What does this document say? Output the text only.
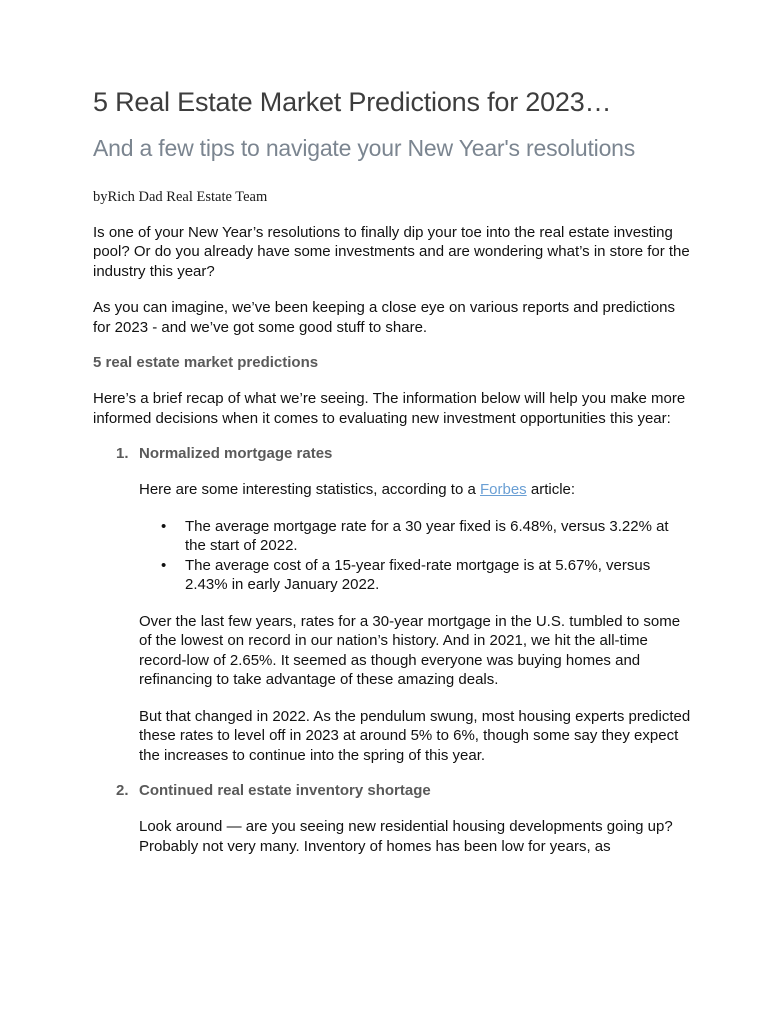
5 Real Estate Market Predictions for 2023…
And a few tips to navigate your New Year's resolutions
byRich Dad Real Estate Team

Is one of your New Year’s resolutions to finally dip your toe into the real estate investing pool? Or do you already have some investments and are wondering what’s in store for the industry this year?

As you can imagine, we’ve been keeping a close eye on various reports and predictions for 2023 - and we’ve got some good stuff to share.

5 real estate market predictions

Here’s a brief recap of what we’re seeing. The information below will help you make more informed decisions when it comes to evaluating new investment opportunities this year:

1. Normalized mortgage rates

Here are some interesting statistics, according to a Forbes article:

• The average mortgage rate for a 30 year fixed is 6.48%, versus 3.22% at the start of 2022.
• The average cost of a 15-year fixed-rate mortgage is at 5.67%, versus 2.43% in early January 2022.

Over the last few years, rates for a 30-year mortgage in the U.S. tumbled to some of the lowest on record in our nation’s history. And in 2021, we hit the all-time record-low of 2.65%. It seemed as though everyone was buying homes and refinancing to take advantage of these amazing deals.

But that changed in 2022. As the pendulum swung, most housing experts predicted these rates to level off in 2023 at around 5% to 6%, though some say they expect the increases to continue into the spring of this year.

2. Continued real estate inventory shortage

Look around — are you seeing new residential housing developments going up? Probably not very many. Inventory of homes has been low for years, as
